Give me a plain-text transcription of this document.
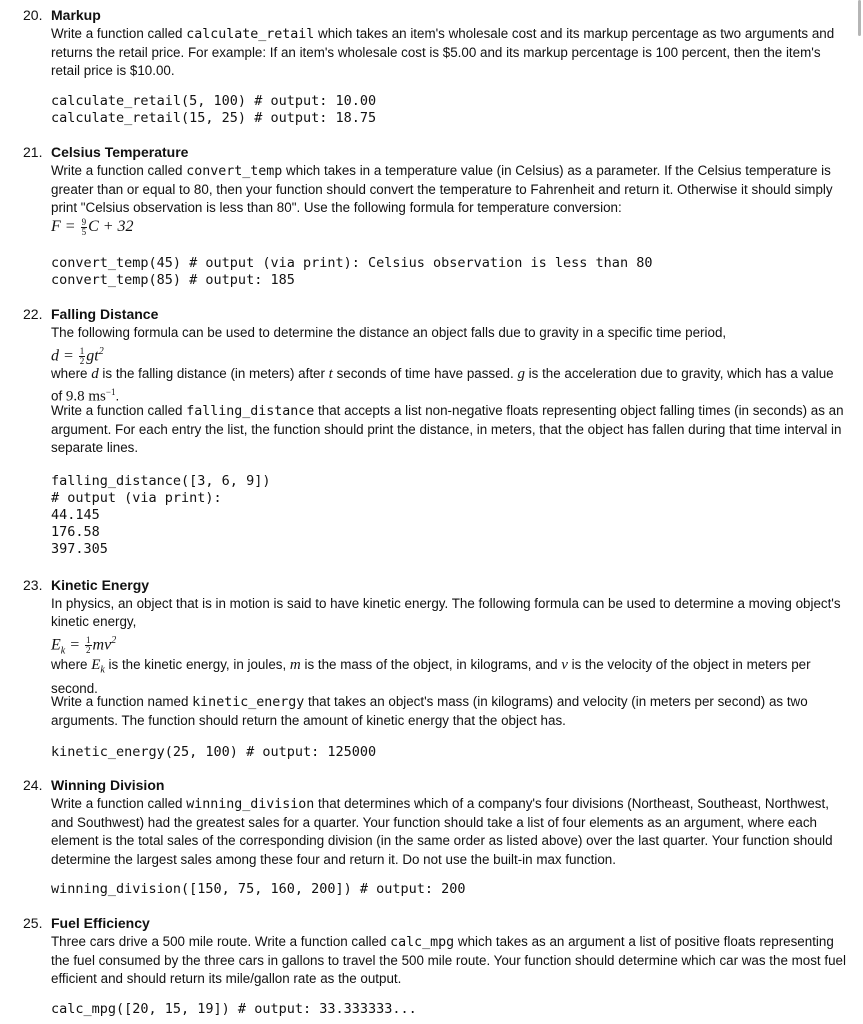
20. Markup

Write a function called calculate_retail which takes an item's wholesale cost and its markup percentage as two arguments and returns the retail price. For example: If an item's wholesale cost is $5.00 and its markup percentage is 100 percent, then the item's retail price is $10.00.

calculate_retail(5, 100) # output: 10.00
calculate_retail(15, 25) # output: 18.75
21. Celsius Temperature

Write a function called convert_temp which takes in a temperature value (in Celsius) as a parameter. If the Celsius temperature is greater than or equal to 80, then your function should convert the temperature to Fahrenheit and return it. Otherwise it should simply print "Celsius observation is less than 80". Use the following formula for temperature conversion:

$F = \frac{9}{5}$ C + 32
convert_temp(45) # output (via print): Celsius observation is less than 80
convert_temp(85) # output: 185
22. Falling Distance

The following formula can be used to determine the distance an object falls due to gravity in a specific time period,

$d = \frac{1}{2} gt^2$

where d is the falling distance (in meters) after t seconds of time have passed. g is the acceleration due to gravity, which has a value of 9.8 $ms^{-1}$.

Write a function called falling_distance that accepts a list non-negative floats representing object falling times (in seconds) as an argument. For each entry the list, the function should print the distance, in meters, that the object has fallen during that time interval in separate lines.

falling_distance([3, 6, 9])
# output (via print):
44.145
176.58
397.305
23. Kinetic Energy

In physics, an object that is in motion is said to have kinetic energy. The following formula can be used to determine a moving object's kinetic energy,

$E_k = \frac{1}{2} mv^2$

where $E_k$ is the kinetic energy, in joules, m is the mass of the object, in kilograms, and v is the velocity of the object in meters per second.

Write a function named kinetic_energy that takes an object's mass (in kilograms) and velocity (in meters per second) as two arguments. The function should return the amount of kinetic energy that the object has.

kinetic_energy(25, 100) # output: 125000
24. Winning Division

Write a function called winning_division that determines which of a company's four divisions (Northeast, Southeast, Northwest, and Southwest) had the greatest sales for a quarter. Your function should take a list of four elements as an argument, where each element is the total sales of the corresponding division (in the same order as listed above) over the last quarter. Your function should determine the largest sales among these four and return it. Do not use the built-in max function.

winning_division([150, 75, 160, 200]) # output: 200
25. Fuel Efficiency

Three cars drive a 500 mile route. Write a function called calc_mpg which takes as an argument a list of positive floats representing the fuel consumed by the three cars in gallons to travel the 500 mile route. Your function should determine which car was the most fuel efficient and should return its mile/gallon rate as the output.

calc_mpg([20, 15, 19]) # output: 33.333333...
